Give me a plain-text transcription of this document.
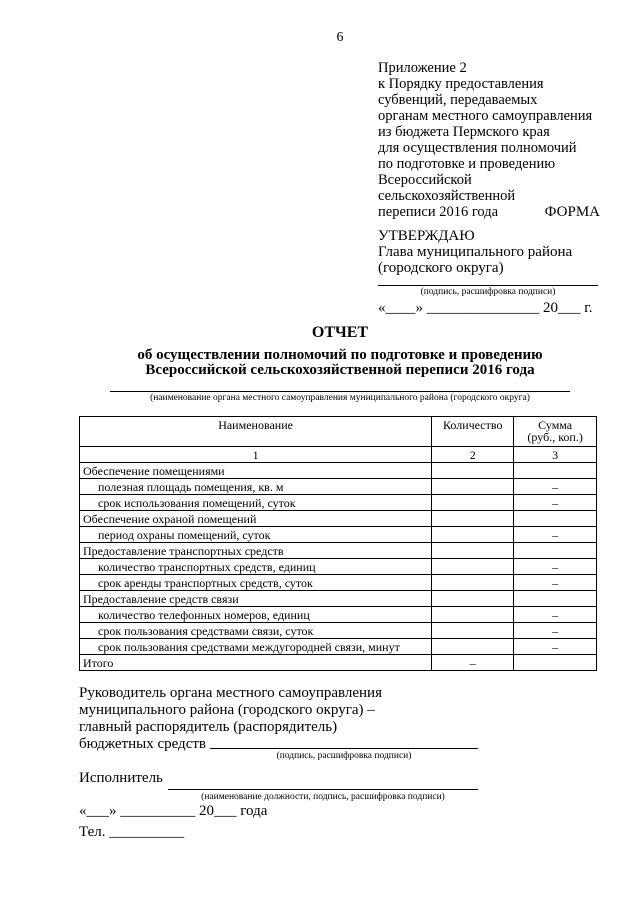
6
Приложение 2
к Порядку предоставления
субвенций, передаваемых
органам местного самоуправления
из бюджета Пермского края
для осуществления полномочий
по подготовке и проведению
Всероссийской
сельскохозяйственной
переписи 2016 года	ФОРМА
УТВЕРЖДАЮ
Глава муниципального района
(городского округа)
(подпись, расшифровка подписи)
«____» _______________ 20___ г.
ОТЧЕТ
об осуществлении полномочий по подготовке и проведению
Всероссийской сельскохозяйственной переписи 2016 года
(наименование органа местного самоуправления муниципального района (городского округа)
Наименование	Количество	Сумма
(руб., коп.)
1	2	3
Обеспечение помещениями		
полезная площадь помещения, кв. м		–
срок использования помещений, суток		–
Обеспечение охраной помещений		
период охраны помещений, суток		–
Предоставление транспортных средств		
количество транспортных средств, единиц		–
срок аренды транспортных средств, суток		–
Предоставление средств связи		
количество телефонных номеров, единиц		–
срок пользования средствами связи, суток		–
срок пользования средствами междугородней связи, минут		–
Итого	–	
Руководитель органа местного самоуправления
муниципального района (городского округа) –
главный распорядитель (распорядитель)
бюджетных средств
(подпись, расшифровка подписи)
Исполнитель
(наименование должности, подпись, расшифровка подписи)
«___» __________ 20___ года
Тел. __________
